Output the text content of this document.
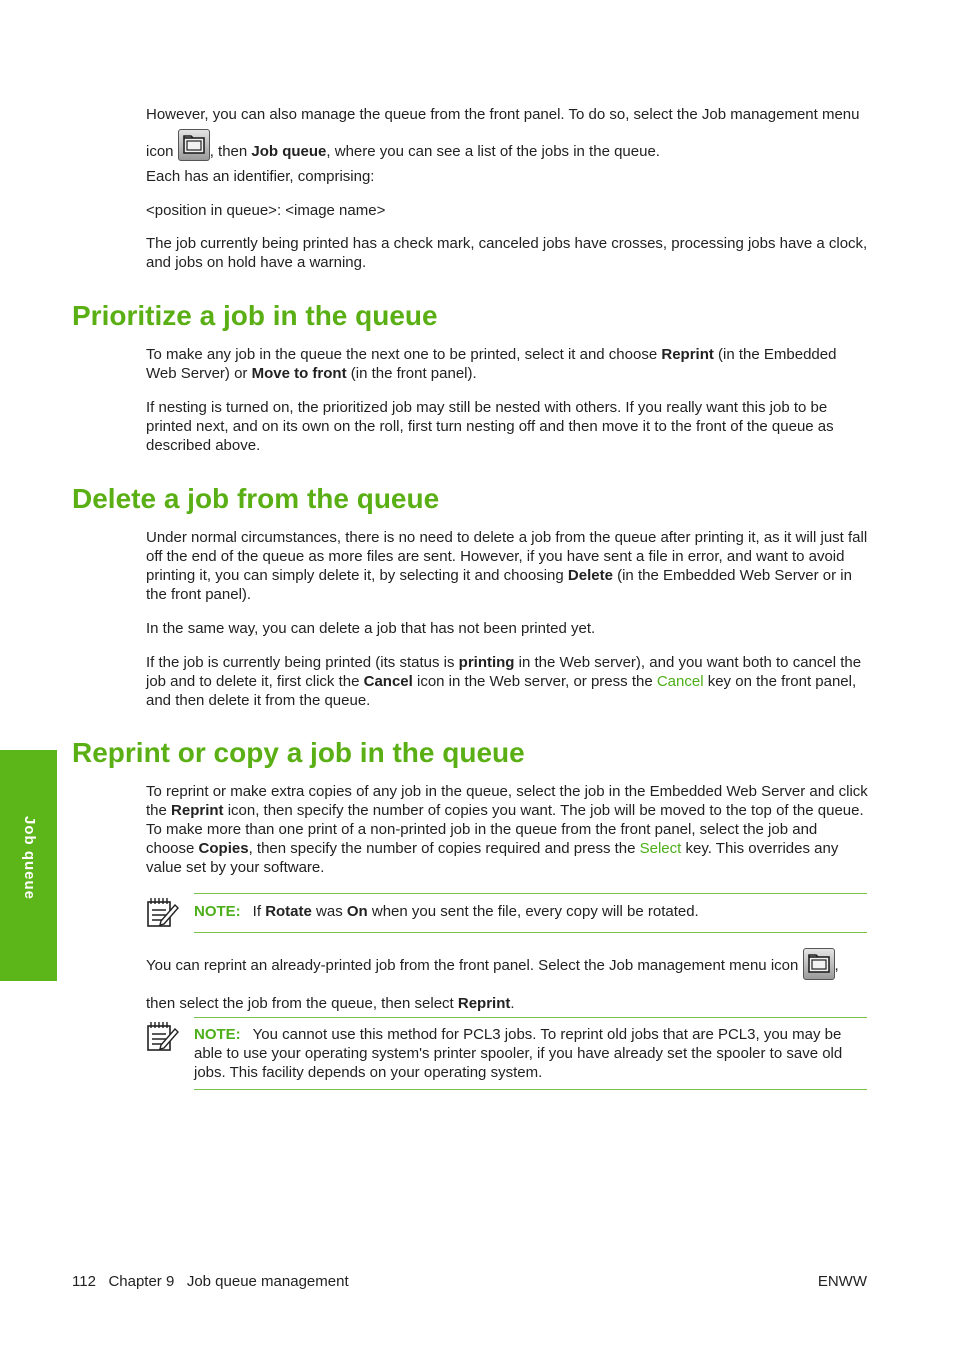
However, you can also manage the queue from the front panel. To do so, select the Job management menu icon
, then Job queue, where you can see a list of the jobs in the queue.

Each has an identifier, comprising:

<position in queue>: <image name>

The job currently being printed has a check mark, canceled jobs have crosses, processing jobs have a clock, and jobs on hold have a warning.

Prioritize a job in the queue

To make any job in the queue the next one to be printed, select it and choose Reprint (in the Embedded Web Server) or Move to front (in the front panel).

If nesting is turned on, the prioritized job may still be nested with others. If you really want this job to be printed next, and on its own on the roll, first turn nesting off and then move it to the front of the queue as described above.

Delete a job from the queue

Under normal circumstances, there is no need to delete a job from the queue after printing it, as it will just fall off the end of the queue as more files are sent. However, if you have sent a file in error, and want to avoid printing it, you can simply delete it, by selecting it and choosing Delete (in the Embedded Web Server or in the front panel).

In the same way, you can delete a job that has not been printed yet.

If the job is currently being printed (its status is printing in the Web server), and you want both to cancel the job and to delete it, first click the Cancel icon in the Web server, or press the Cancel key on the front panel, and then delete it from the queue.

Reprint or copy a job in the queue

To reprint or make extra copies of any job in the queue, select the job in the Embedded Web Server and click the Reprint icon, then specify the number of copies you want. The job will be moved to the top of the queue. To make more than one print of a non-printed job in the queue from the front panel, select the job and choose Copies, then specify the number of copies required and press the Select key. This overrides any value set by your software.

NOTE: If Rotate was On when you sent the file, every copy will be rotated.

You can reprint an already-printed job from the front panel. Select the Job management menu icon
, then select the job from the queue, then select Reprint.

NOTE: You cannot use this method for PCL3 jobs. To reprint old jobs that are PCL3, you may be able to use your operating system's printer spooler, if you have already set the spooler to save old jobs. This facility depends on your operating system.

Job queue
112 Chapter 9 Job queue management	ENWW
